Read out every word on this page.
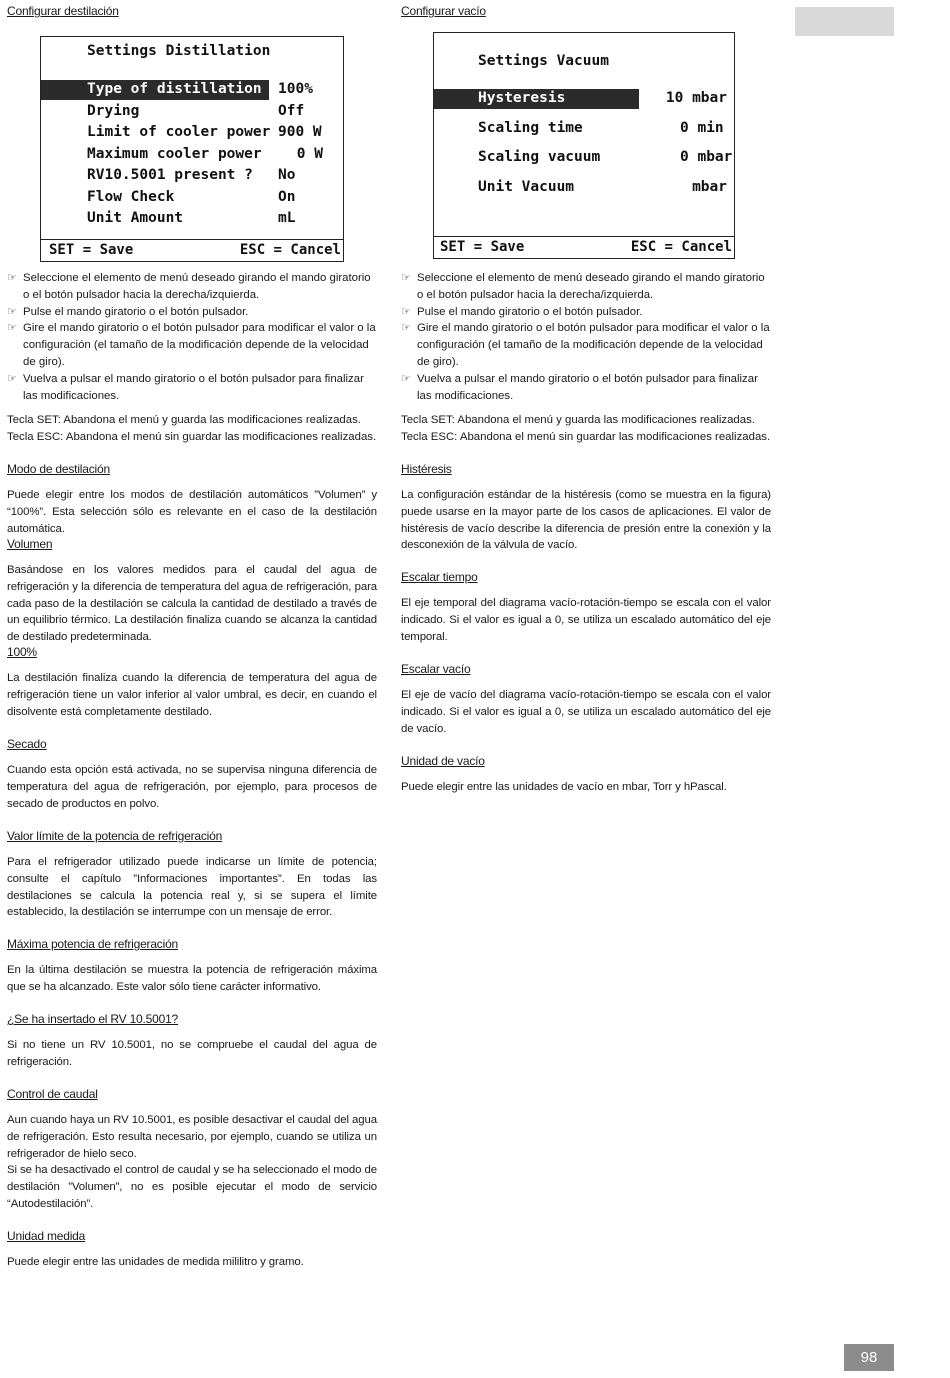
98
Configurar destilación
Settings Distillation
Type of distillation 100%
Drying	Off
Limit of cooler power 900 W
Maximum cooler power 0 W
RV10.5001 present ? No
Flow Check	On
Unit Amount	mL
SET = Save	ESC = Cancel
☞ Seleccione el elemento de menú deseado girando el mando giratorio o el botón pulsador hacia la derecha/izquierda.
☞ Pulse el mando giratorio o el botón pulsador.
☞ Gire el mando giratorio o el botón pulsador para modificar el valor o la configuración (el tamaño de la modificación depende de la velocidad de giro).
☞ Vuelva a pulsar el mando giratorio o el botón pulsador para finalizar las modificaciones.

Tecla SET: Abandona el menú y guarda las modificaciones realizadas.

Tecla ESC: Abandona el menú sin guardar las modificaciones realizadas.

Modo de destilación

Puede elegir entre los modos de destilación automáticos ”Volumen” y “100%”. Esta selección sólo es relevante en el caso de la destilación automática.

Volumen

Basándose en los valores medidos para el caudal del agua de refrigeración y la diferencia de temperatura del agua de refrigeración, para cada paso de la destilación se calcula la cantidad de destilado a través de un equilibrio térmico. La destilación finaliza cuando se alcanza la cantidad de destilado predeterminada.

100%

La destilación finaliza cuando la diferencia de temperatura del agua de refrigeración tiene un valor inferior al valor umbral, es decir, en cuando el disolvente está completamente destilado.

Secado

Cuando esta opción está activada, no se supervisa ninguna diferencia de temperatura del agua de refrigeración, por ejemplo, para procesos de secado de productos en polvo.

Valor límite de la potencia de refrigeración

Para el refrigerador utilizado puede indicarse un límite de potencia; consulte el capítulo ”Informaciones importantes”. En todas las destilaciones se calcula la potencia real y, si se supera el límite establecido, la destilación se interrumpe con un mensaje de error.

Máxima potencia de refrigeración

En la última destilación se muestra la potencia de refrigeración máxima que se ha alcanzado. Este valor sólo tiene carácter informativo.

¿Se ha insertado el RV 10.5001?

Si no tiene un RV 10.5001, no se compruebe el caudal del agua de refrigeración.

Control de caudal

Aun cuando haya un RV 10.5001, es posible desactivar el caudal del agua de refrigeración. Esto resulta necesario, por ejemplo, cuando se utiliza un refrigerador de hielo seco.

Si se ha desactivado el control de caudal y se ha seleccionado el modo de destilación ”Volumen”, no es posible ejecutar el modo de servicio “Autodestilación”.

Unidad medida

Puede elegir entre las unidades de medida mililitro y gramo.

Configurar vacío
Settings Vacuum
Hysteresis	10 mbar
Scaling time	0 min
Scaling vacuum	0 mbar
Unit Vacuum	mbar
SET = Save	ESC = Cancel
☞ Seleccione el elemento de menú deseado girando el mando giratorio o el botón pulsador hacia la derecha/izquierda.
☞ Pulse el mando giratorio o el botón pulsador.
☞ Gire el mando giratorio o el botón pulsador para modificar el valor o la configuración (el tamaño de la modificación depende de la velocidad de giro).
☞ Vuelva a pulsar el mando giratorio o el botón pulsador para finalizar las modificaciones.

Tecla SET: Abandona el menú y guarda las modificaciones realizadas.

Tecla ESC: Abandona el menú sin guardar las modificaciones realizadas.

Histéresis

La configuración estándar de la histéresis (como se muestra en la figura) puede usarse en la mayor parte de los casos de aplicaciones. El valor de histéresis de vacío describe la diferencia de presión entre la conexión y la desconexión de la válvula de vacío.

Escalar tiempo

El eje temporal del diagrama vacío-rotación-tiempo se escala con el valor indicado. Si el valor es igual a 0, se utiliza un escalado automático del eje temporal.

Escalar vacío

El eje de vacío del diagrama vacío-rotación-tiempo se escala con el valor indicado. Si el valor es igual a 0, se utiliza un escalado automático del eje de vacío.

Unidad de vacío

Puede elegir entre las unidades de vacío en mbar, Torr y hPascal.
